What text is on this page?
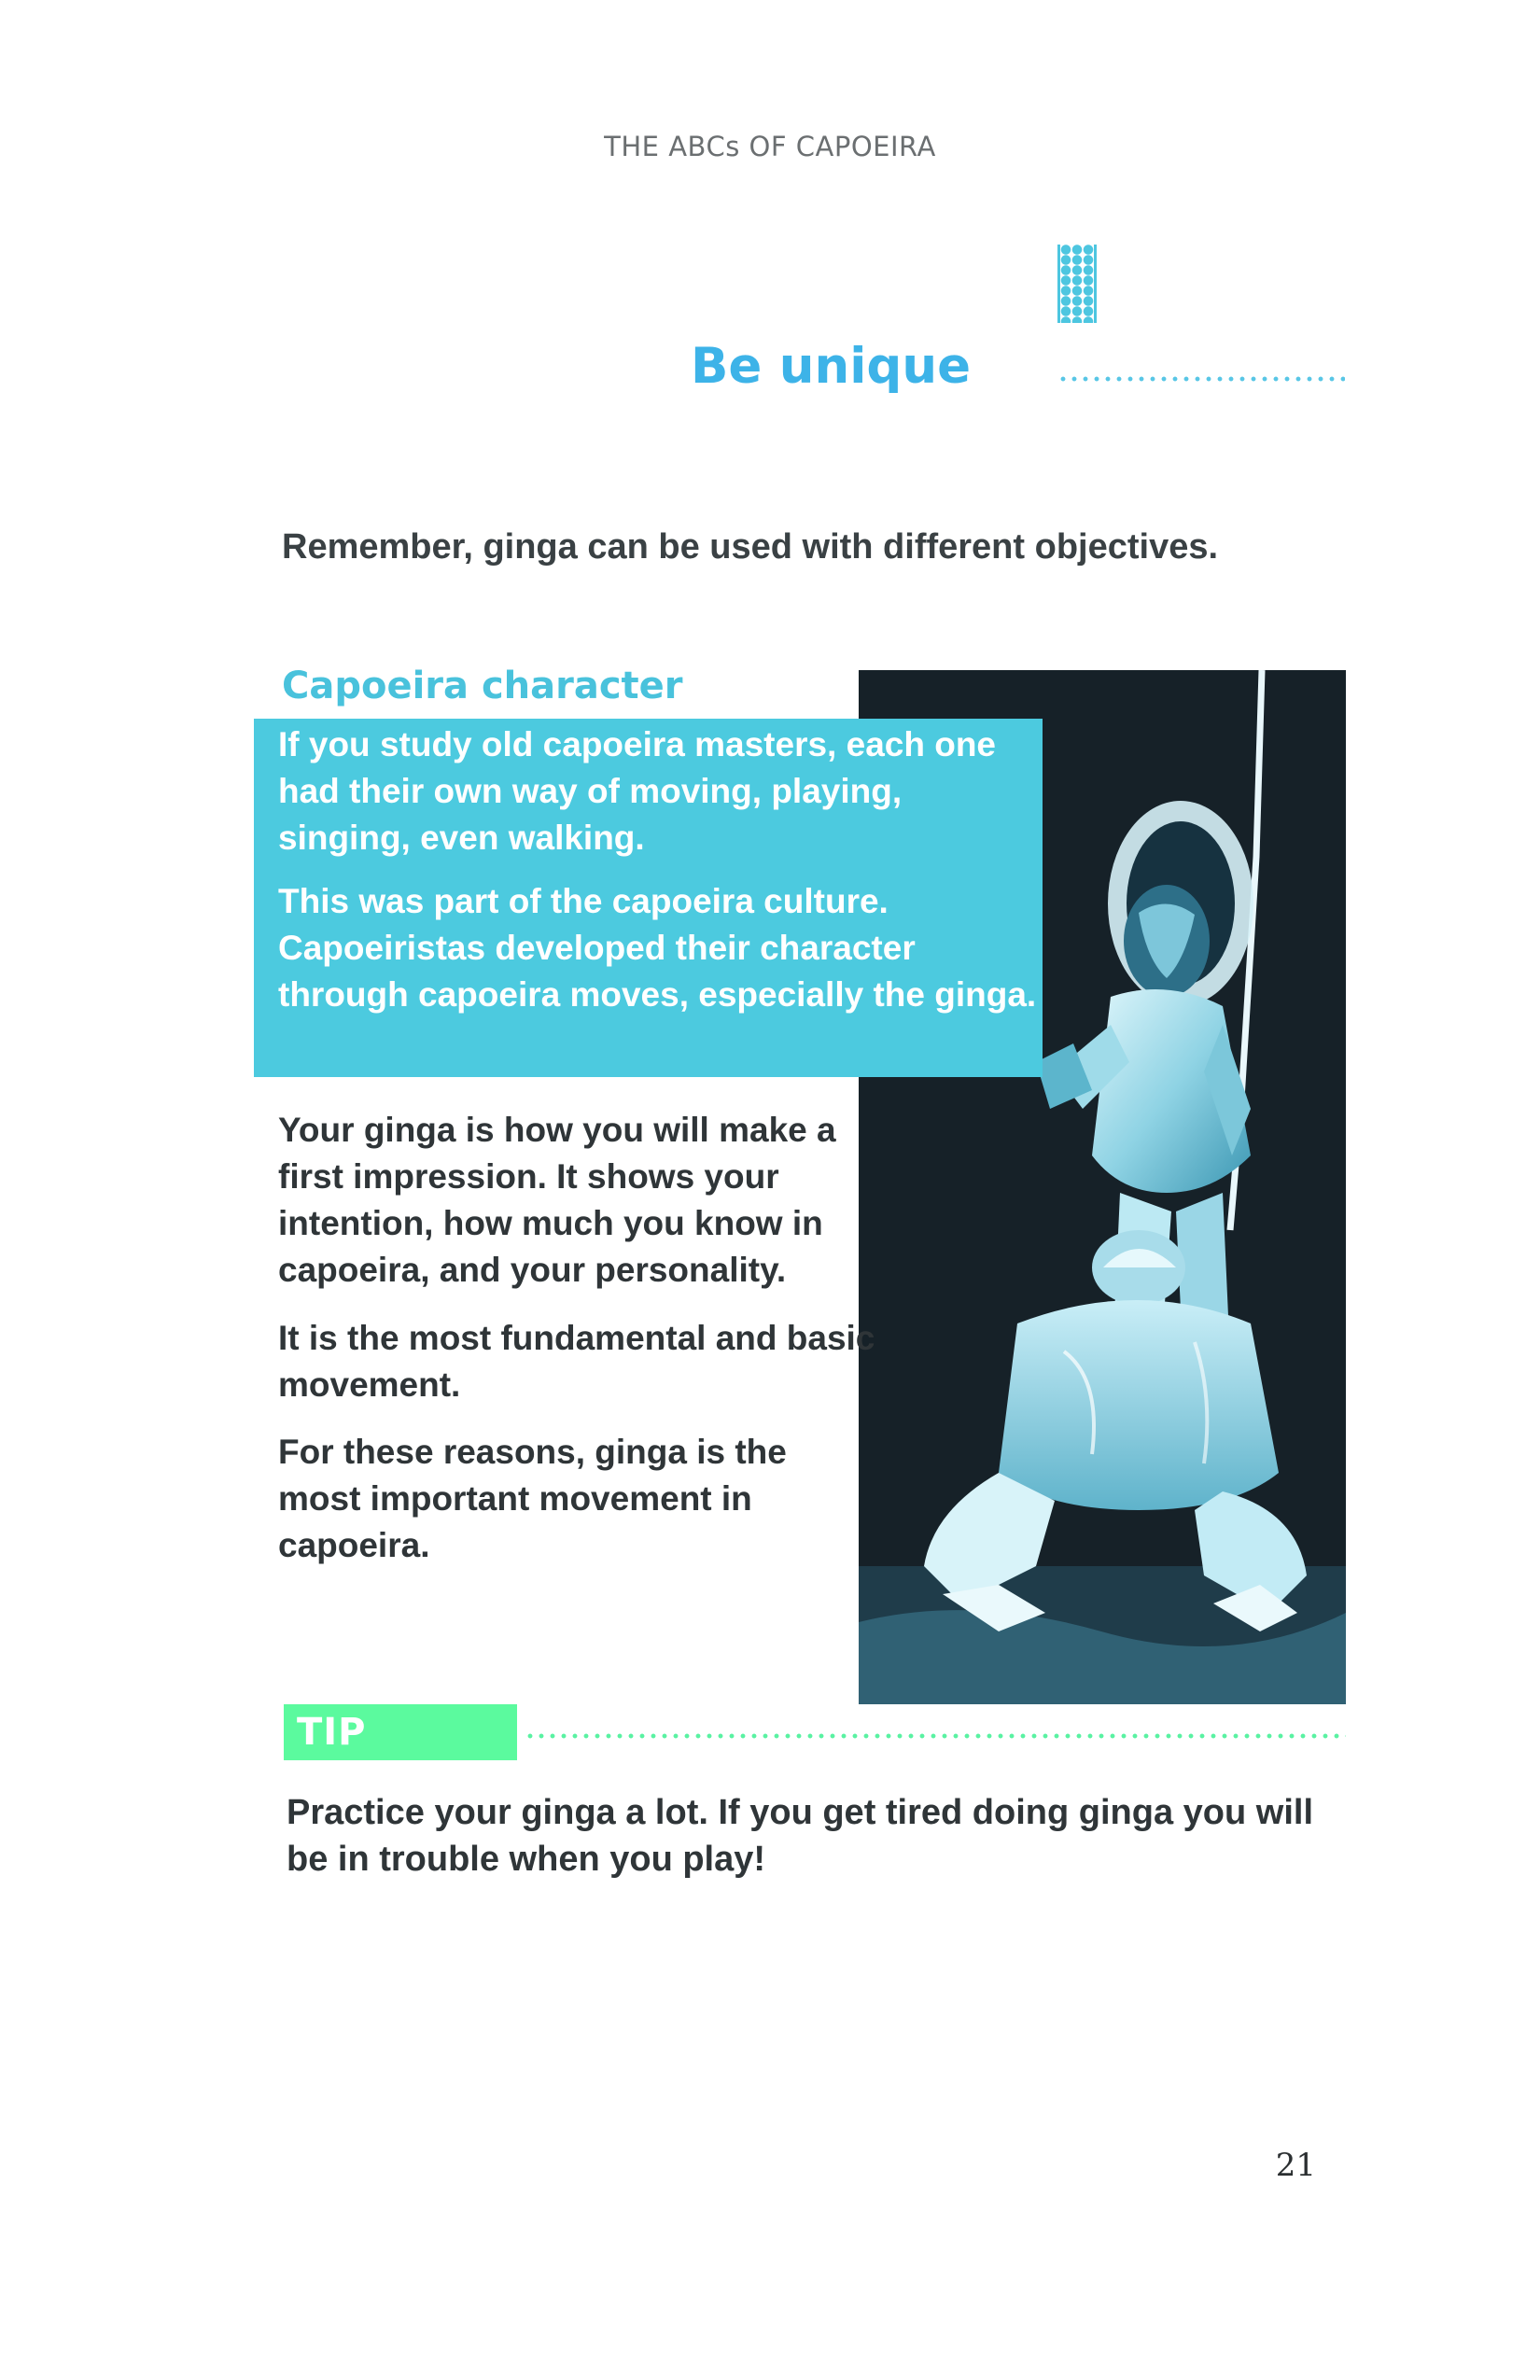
THE ABCs OF CAPOEIRA
Be unique
Remember, ginga can be used with different objectives.
Capoeira character

If you study old capoeira masters, each one had their own way of moving, playing, singing, even walking.

This was part of the capoeira culture. Capoeiristas developed their character through capoeira moves, especially the ginga.

Your ginga is how you will make a first impression. It shows your intention, how much you know in capoeira, and your personality.

It is the most fundamental and basic movement.

For these reasons, ginga is the most important movement in capoeira.

TIP

Practice your ginga a lot. If you get tired doing ginga you will be in trouble when you play!

21
